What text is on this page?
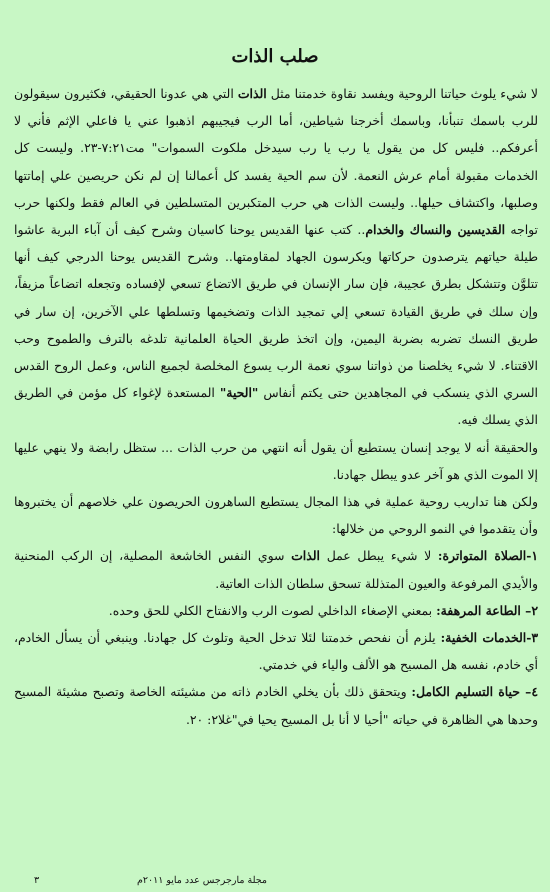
صلب الذات

لا شيء يلوث حياتنا الروحية ويفسد نقاوة خدمتنا مثل الذات التي هي عدونا الحقيقي، فكثيرون سيقولون للرب باسمك تنبأنا، وباسمك أخرجنا شياطين، أما الرب فيجيبهم اذهبوا عني يا فاعلي الإثم فأني لا أعرفكم.. فليس كل من يقول يا رب يا رب سيدخل ملكوت السموات" مت٧:٢١-٢٣. وليست كل الخدمات مقبولة أمام عرش النعمة. لأن سم الحية يفسد كل أعمالنا إن لم نكن حريصين علي إماتتها وصلبها، واكتشاف حيلها.. وليست الذات هي حرب المتكبرين المتسلطين في العالم فقط ولكنها حرب تواجه القديسين والنساك والخدام.. كتب عنها القديس يوحنا كاسيان وشرح كيف أن آباء البرية عاشوا طيلة حياتهم يترصدون حركاتها ويكرسون الجهاد لمقاومتها.. وشرح القديس يوحنا الدرجي كيف أنها تتلوَّن وتتشكل بطرق عجيبة، فإن سار الإنسان في طريق الاتضاع تسعي لإفساده وتجعله اتضاعاً مزيفاً، وإن سلك في طريق القيادة تسعي إلي تمجيد الذات وتضخيمها وتسلطها علي الآخرين، إن سار في طريق النسك تضربه بضربة اليمين، وإن اتخذ طريق الحياة العلمانية تلدغه بالترف والطموح وحب الاقتناء. لا شيء يخلصنا من ذواتنا سوي نعمة الرب يسوع المخلصة لجميع الناس، وعمل الروح القدس السري الذي ينسكب في المجاهدين حتى يكتم أنفاس "الحية" المستعدة لإغواء كل مؤمن في الطريق الذي يسلك فيه.

والحقيقة أنه لا يوجد إنسان يستطيع أن يقول أنه انتهي من حرب الذات ... ستظل رابضة ولا ينهي عليها إلا الموت الذي هو آخر عدو يبطل جهادنا.

ولكن هنا تداريب روحية عملية في هذا المجال يستطيع الساهرون الحريصون علي خلاصهم أن يختبروها وأن يتقدموا في النمو الروحي من خلالها:

١-الصلاة المتواترة: لا شيء يبطل عمل الذات سوي النفس الخاشعة المصلية، إن الركب المنحنية والأيدي المرفوعة والعيون المتذللة تسحق سلطان الذات العاتية.

٢– الطاعة المرهفة: بمعني الإصغاء الداخلي لصوت الرب والانفتاح الكلي للحق وحده.

٣-الخدمات الخفية: يلزم أن نفحص خدمتنا لئلا تدخل الحية وتلوث كل جهادنا. وينبغي أن يسأل الخادم، أي خادم، نفسه هل المسيح هو الألف والياء في خدمتي.

٤– حياة التسليم الكامل: ويتحقق ذلك بأن يخلي الخادم ذاته من مشيئته الخاصة وتصبح مشيئة المسيح وحدها هي الظاهرة في حياته "أحيا لا أنا بل المسيح يحيا في"غلا٢: ٢٠.

مجلة مارجرجس عدد مايو ٢٠١١م
٣
